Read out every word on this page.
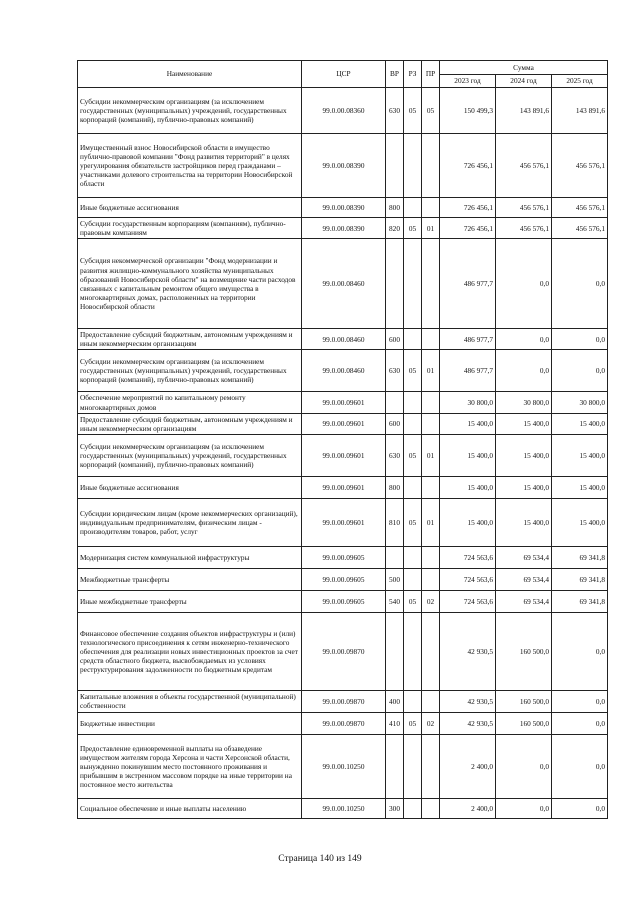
Наименование	ЦСР	ВР	РЗ	ПР	Сумма		
					2023 год	2024 год	2025 год
Субсидии некоммерческим организациям (за исключением государственных (муниципальных) учреждений, государственных корпораций (компаний), публично-правовых компаний)	99.0.00.08360	630	05	05	150 499,3	143 891,6	143 891,6
Имущественный взнос Новосибирской области в имущество публично-правовой компании "Фонд развития территорий" в целях урегулирования обязательств застройщиков перед гражданами – участниками долевого строительства на территории Новосибирской области	99.0.00.08390				726 456,1	456 576,1	456 576,1
Иные бюджетные ассигнования	99.0.00.08390	800			726 456,1	456 576,1	456 576,1
Субсидии государственным корпорациям (компаниям), публично-правовым компаниям	99.0.00.08390	820	05	01	726 456,1	456 576,1	456 576,1
Субсидия некоммерческой организации "Фонд модернизации и развития жилищно-коммунального хозяйства муниципальных образований Новосибирской области" на возмещение части расходов связанных с капитальным ремонтом общего имущества в многоквартирных домах, расположенных на территории Новосибирской области	99.0.00.08460				486 977,7	0,0	0,0
Предоставление субсидий бюджетным, автономным учреждениям и иным некоммерческим организациям	99.0.00.08460	600			486 977,7	0,0	0,0
Субсидии некоммерческим организациям (за исключением государственных (муниципальных) учреждений, государственных корпораций (компаний), публично-правовых компаний)	99.0.00.08460	630	05	01	486 977,7	0,0	0,0
Обеспечение мероприятий по капитальному ремонту многоквартирных домов	99.0.00.09601				30 800,0	30 800,0	30 800,0
Предоставление субсидий бюджетным, автономным учреждениям и иным некоммерческим организациям	99.0.00.09601	600			15 400,0	15 400,0	15 400,0
Субсидии некоммерческим организациям (за исключением государственных (муниципальных) учреждений, государственных корпораций (компаний), публично-правовых компаний)	99.0.00.09601	630	05	01	15 400,0	15 400,0	15 400,0
Иные бюджетные ассигнования	99.0.00.09601	800			15 400,0	15 400,0	15 400,0
Субсидии юридическим лицам (кроме некоммерческих организаций), индивидуальным предпринимателям, физическим лицам - производителям товаров, работ, услуг	99.0.00.09601	810	05	01	15 400,0	15 400,0	15 400,0
Модернизация систем коммунальной инфраструктуры	99.0.00.09605				724 563,6	69 534,4	69 341,8
Межбюджетные трансферты	99.0.00.09605	500			724 563,6	69 534,4	69 341,8
Иные межбюджетные трансферты	99.0.00.09605	540	05	02	724 563,6	69 534,4	69 341,8
Финансовое обеспечение создания объектов инфраструктуры и (или) технологического присоединения к сетям инженерно-технического обеспечения для реализации новых инвестиционных проектов за счет средств областного бюджета, высвобождаемых из условиях реструктурирования задолженности по бюджетным кредитам	99.0.00.09870				42 930,5	160 500,0	0,0
Капитальные вложения в объекты государственной (муниципальной) собственности	99.0.00.09870	400			42 930,5	160 500,0	0,0
Бюджетные инвестиции	99.0.00.09870	410	05	02	42 930,5	160 500,0	0,0
Предоставление единовременной выплаты на обзаведение имуществом жителям города Херсона и части Херсонской области, вынужденно покинувшим место постоянного проживания и прибывшим в экстренном массовом порядке на иные территории на постоянное место жительства	99.0.00.10250				2 400,0	0,0	0,0
Социальное обеспечение и иные выплаты населению	99.0.00.10250	300			2 400,0	0,0	0,0
Страница 140 из 149
